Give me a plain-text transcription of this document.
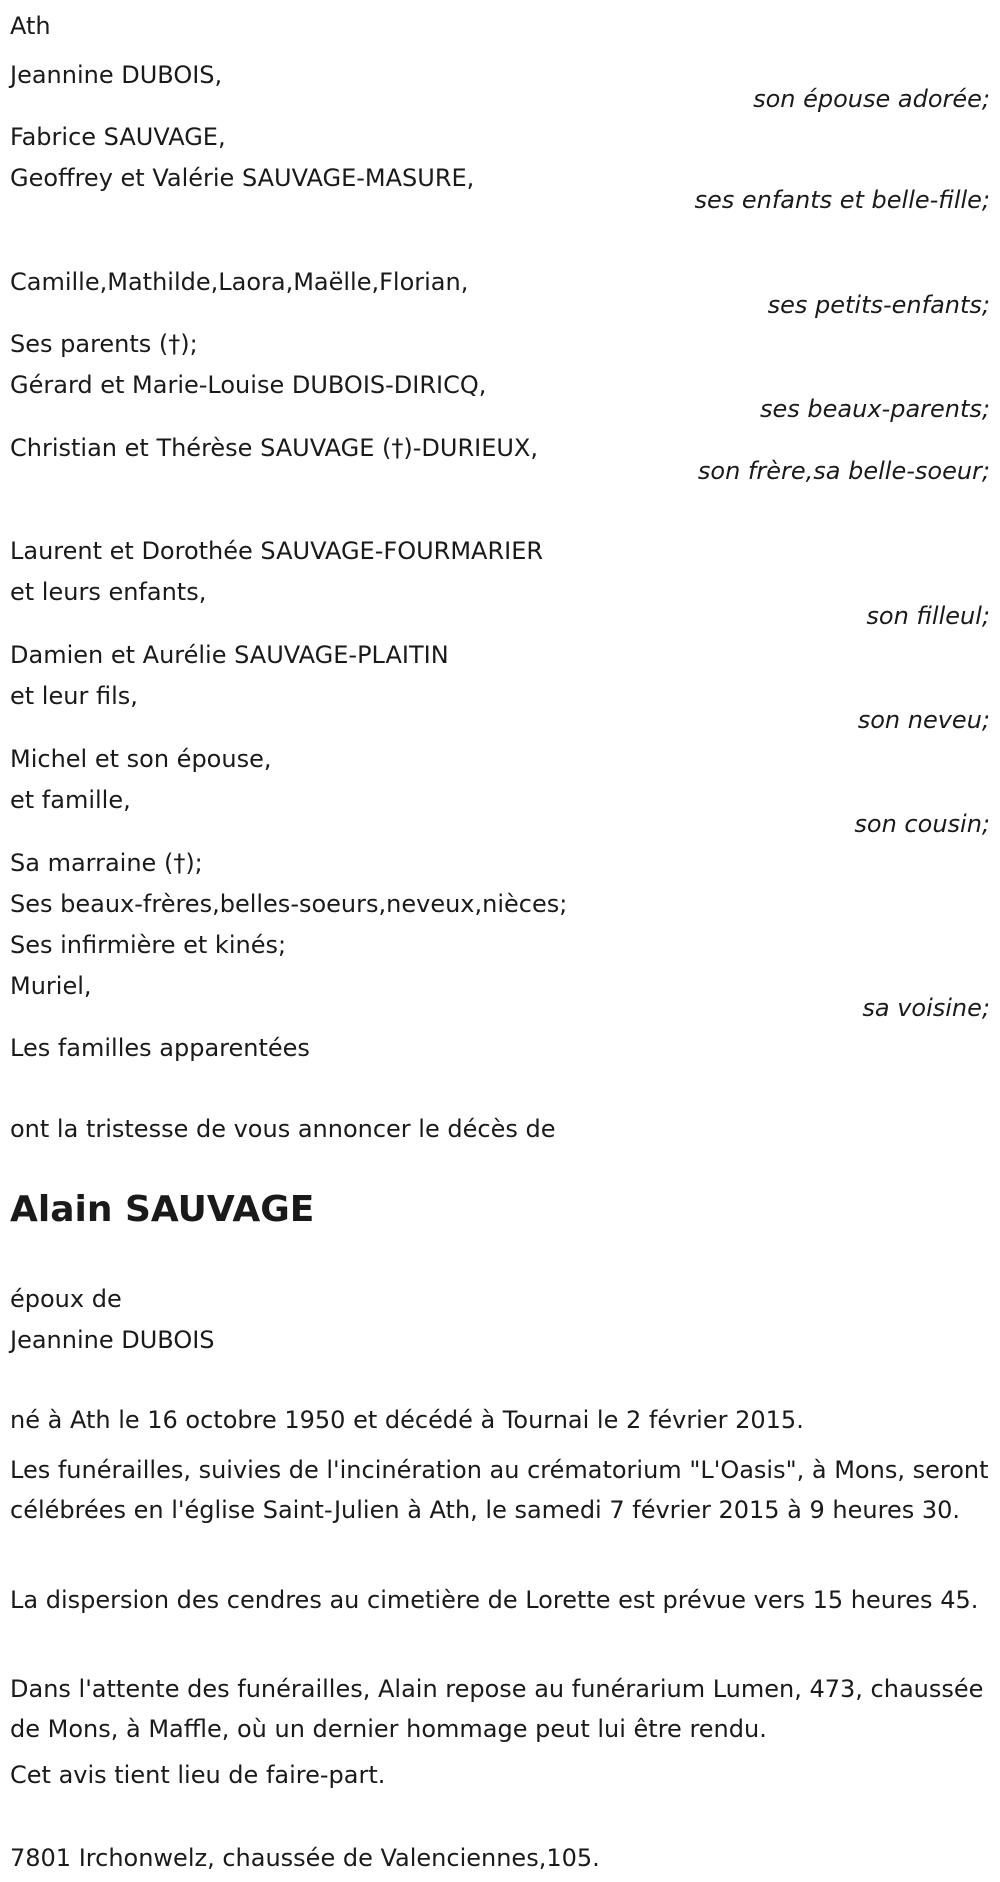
Ath
Jeannine DUBOIS,
son épouse adorée;
Fabrice SAUVAGE,
Geoffrey et Valérie SAUVAGE-MASURE,
ses enfants et belle-fille;
Camille,Mathilde,Laora,Maëlle,Florian,
ses petits-enfants;
Ses parents (†);
Gérard et Marie-Louise DUBOIS-DIRICQ,
ses beaux-parents;
Christian et Thérèse SAUVAGE (†)-DURIEUX,
son frère,sa belle-soeur;
Laurent et Dorothée SAUVAGE-FOURMARIER
et leurs enfants,
son filleul;
Damien et Aurélie SAUVAGE-PLAITIN
et leur fils,
son neveu;
Michel et son épouse,
et famille,
son cousin;
Sa marraine (†);
Ses beaux-frères,belles-soeurs,neveux,nièces;
Ses infirmière et kinés;
Muriel,
sa voisine;
Les familles apparentées
ont la tristesse de vous annoncer le décès de
Alain SAUVAGE
époux de
Jeannine DUBOIS
né à Ath le 16 octobre 1950 et décédé à Tournai le 2 février 2015.
Les funérailles, suivies de l'incinération au crématorium "L'Oasis", à Mons, seront célébrées en l'église Saint-Julien à Ath, le samedi 7 février 2015 à 9 heures 30.
La dispersion des cendres au cimetière de Lorette est prévue vers 15 heures 45.
Dans l'attente des funérailles, Alain repose au funérarium Lumen, 473, chaussée de Mons, à Maffle, où un dernier hommage peut lui être rendu.
Cet avis tient lieu de faire-part.
7801 Irchonwelz, chaussée de Valenciennes,105.
